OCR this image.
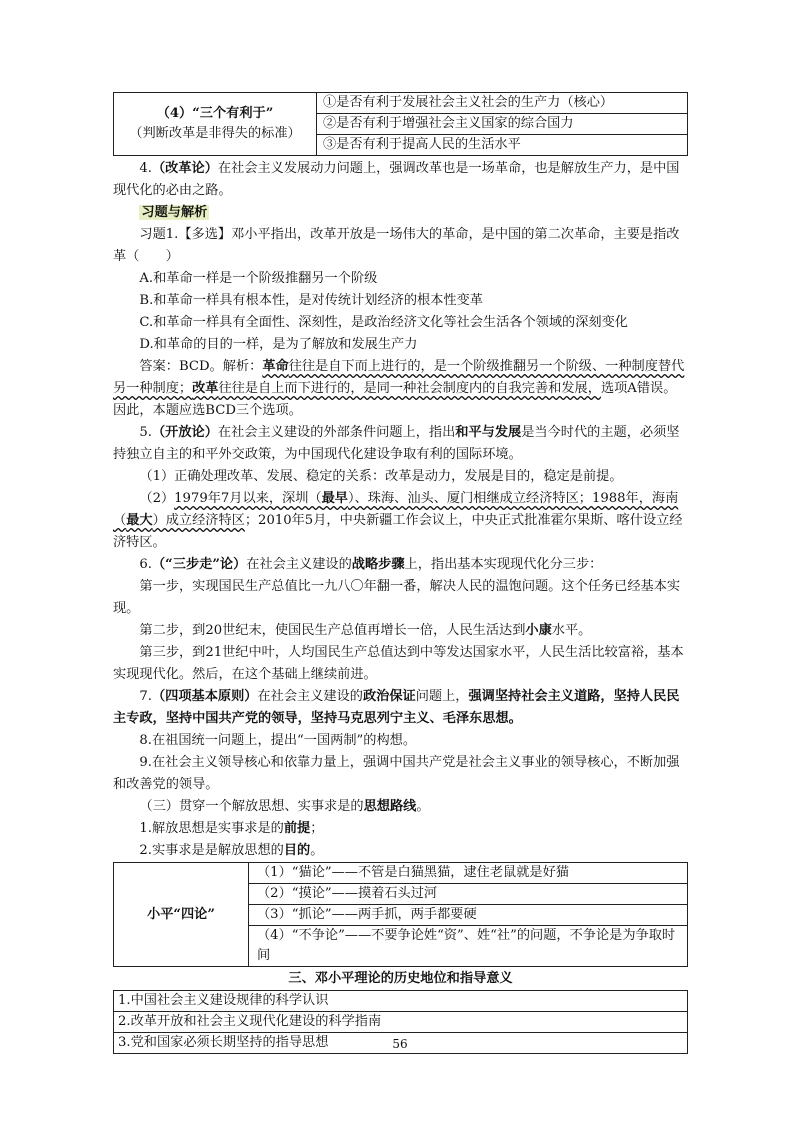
（4）“三个有利于”
（判断改革是非得失的标准）
	①是否有利于发展社会主义社会的生产力（核心）
②是否有利于增强社会主义国家的综合国力
③是否有利于提高人民的生活水平

4.（改革论）在社会主义发展动力问题上，强调改革也是一场革命，也是解放生产力，是中国现代化的必由之路。

习题与解析

习题1.【多选】邓小平指出，改革开放是一场伟大的革命，是中国的第二次革命，主要是指改革（　　）

A.和革命一样是一个阶级推翻另一个阶级

B.和革命一样具有根本性，是对传统计划经济的根本性变革

C.和革命一样具有全面性、深刻性，是政治经济文化等社会生活各个领域的深刻变化

D.和革命的目的一样，是为了解放和发展生产力

答案：BCD。解析：革命往往是自下而上进行的，是一个阶级推翻另一个阶级、一种制度替代另一种制度；改革往往是自上而下进行的，是同一种社会制度内的自我完善和发展，选项A错误。因此，本题应选BCD三个选项。

5.（开放论）在社会主义建设的外部条件问题上，指出和平与发展是当今时代的主题，必须坚持独立自主的和平外交政策，为中国现代化建设争取有利的国际环境。

（1）正确处理改革、发展、稳定的关系：改革是动力，发展是目的，稳定是前提。

（2）1979年7月以来，深圳（最早）、珠海、汕头、厦门相继成立经济特区；1988年，海南（最大）成立经济特区；2010年5月，中央新疆工作会议上，中央正式批准霍尔果斯、喀什设立经济特区。

6.（“三步走”论）在社会主义建设的战略步骤上，指出基本实现现代化分三步：

第一步，实现国民生产总值比一九八〇年翻一番，解决人民的温饱问题。这个任务已经基本实现。

第二步，到20世纪末，使国民生产总值再增长一倍，人民生活达到小康水平。

第三步，到21世纪中叶，人均国民生产总值达到中等发达国家水平，人民生活比较富裕，基本实现现代化。然后，在这个基础上继续前进。

7.（四项基本原则）在社会主义建设的政治保证问题上，强调坚持社会主义道路，坚持人民民主专政，坚持中国共产党的领导，坚持马克思列宁主义、毛泽东思想。

8.在祖国统一问题上，提出“一国两制”的构想。

9.在社会主义领导核心和依靠力量上，强调中国共产党是社会主义事业的领导核心，不断加强和改善党的领导。

（三）贯穿一个解放思想、实事求是的思想路线。

1.解放思想是实事求是的前提；

2.实事求是是解放思想的目的。

小平“四论”	（1）“猫论”——不管是白猫黑猫，逮住老鼠就是好猫
（2）“摸论”——摸着石头过河
（3）“抓论”——两手抓，两手都要硬
（4）“不争论”——不要争论姓“资”、姓“社”的问题，不争论是为争取时间

三、邓小平理论的历史地位和指导意义

1.中国社会主义建设规律的科学认识
2.改革开放和社会主义现代化建设的科学指南
3.党和国家必须长期坚持的指导思想	56
